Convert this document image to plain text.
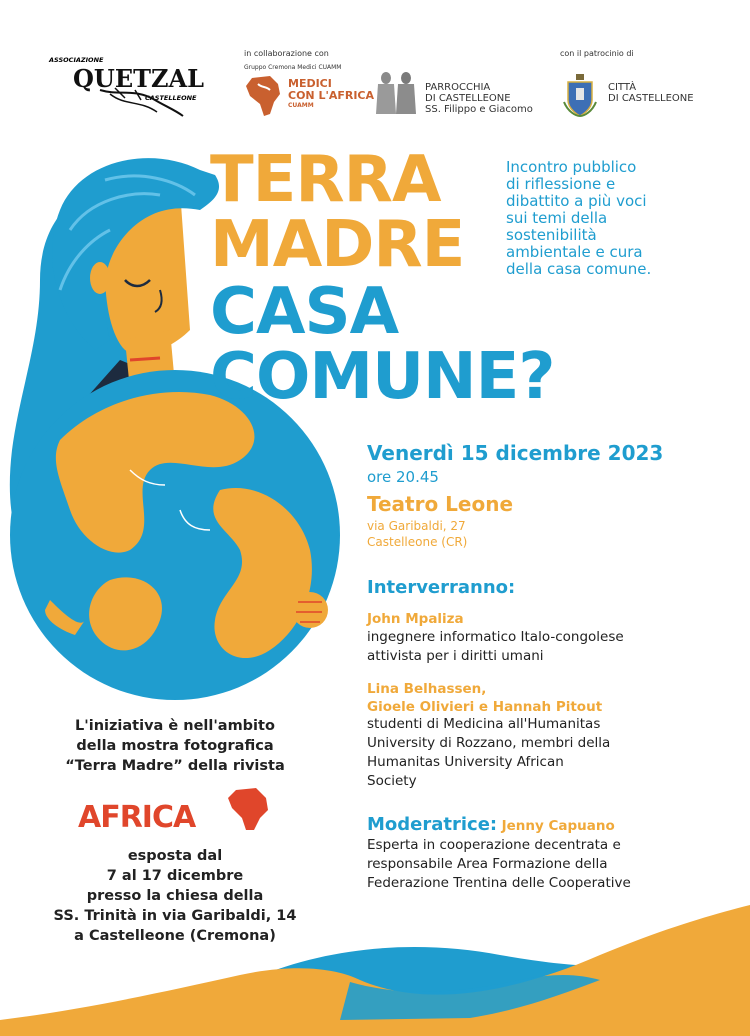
ASSOCIAZIONE
QUETZAL
CASTELLEONE
in collaborazione con
Gruppo Cremona Medici CUAMM
MEDICI
CON L'AFRICA
CUAMM
PARROCCHIA
DI CASTELLEONE
SS. Filippo e Giacomo
con il patrocinio di
CITTÀ
DI CASTELLEONE
TERRA
MADRE
CASA
COMUNE?
Incontro pubblico
di riflessione e
dibattito a più voci
sui temi della
sostenibilità
ambientale e cura
della casa comune.
Venerdì 15 dicembre 2023
ore 20.45
Teatro Leone
via Garibaldi, 27
Castelleone (CR)
Interverranno:
John Mpaliza
ingegnere informatico Italo-congolese
attivista per i diritti umani
Lina Belhassen,
Gioele Olivieri e Hannah Pitout
studenti di Medicina all'Humanitas
University di Rozzano, membri della
Humanitas University African
Society
Moderatrice: Jenny Capuano
Esperta in cooperazione decentrata e
responsabile Area Formazione della
Federazione Trentina delle Cooperative
L'iniziativa è nell'ambito
della mostra fotografica
“Terra Madre” della rivista
AFRICA
esposta dal
7 al 17 dicembre
presso la chiesa della
SS. Trinità in via Garibaldi, 14
a Castelleone (Cremona)
